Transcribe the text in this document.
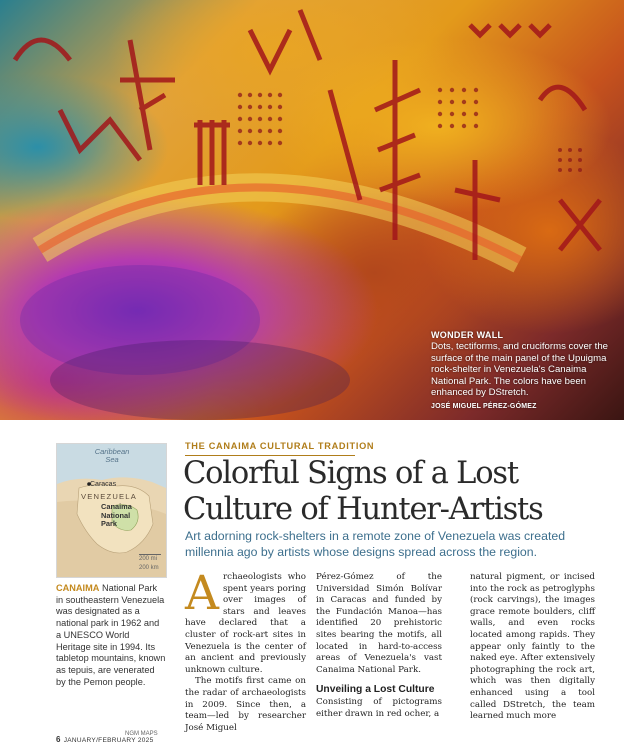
WONDER WALL
Dots, tectiforms, and cruciforms cover the surface of the main panel of the Upuigma rock-shelter in Venezuela's Canaima National Park. The colors have been enhanced by DStretch.
JOSÉ MIGUEL PÉREZ-GÓMEZ
Caribbean Sea
Caracas
VENEZUELA
Canaima National Park
200 mi
200 km
CANAIMA National Park in southeastern Venezuela was designated as a national park in 1962 and a UNESCO World Heritage site in 1994. Its tabletop mountains, known as tepuis, are venerated by the Pemon people.
NGM MAPS
THE CANAIMA CULTURAL TRADITION
Colorful Signs of a Lost Culture of Hunter-Artists
Art adorning rock-shelters in a remote zone of Venezuela was created millennia ago by artists whose designs spread across the region.

Archaeologists who spent years poring over images of stars and leaves have declared that a cluster of rock-art sites in Venezuela is the center of an ancient and previously unknown culture.

The motifs first came on the radar of archaeologists in 2009. Since then, a team—led by researcher José Miguel

Pérez-Gómez of the Universidad Simón Bolívar in Caracas and funded by the Fundación Manoa—has identified 20 prehistoric sites bearing the motifs, all located in hard-to-access areas of Venezuela's vast Canaima National Park.

Unveiling a Lost Culture

Consisting of pictograms either drawn in red ocher, a

natural pigment, or incised into the rock as petroglyphs (rock carvings), the images grace remote boulders, cliff walls, and even rocks located among rapids. They appear only faintly to the naked eye. After extensively photographing the rock art, which was then digitally enhanced using a tool called DStretch, the team learned much more

6 JANUARY/FEBRUARY 2025
